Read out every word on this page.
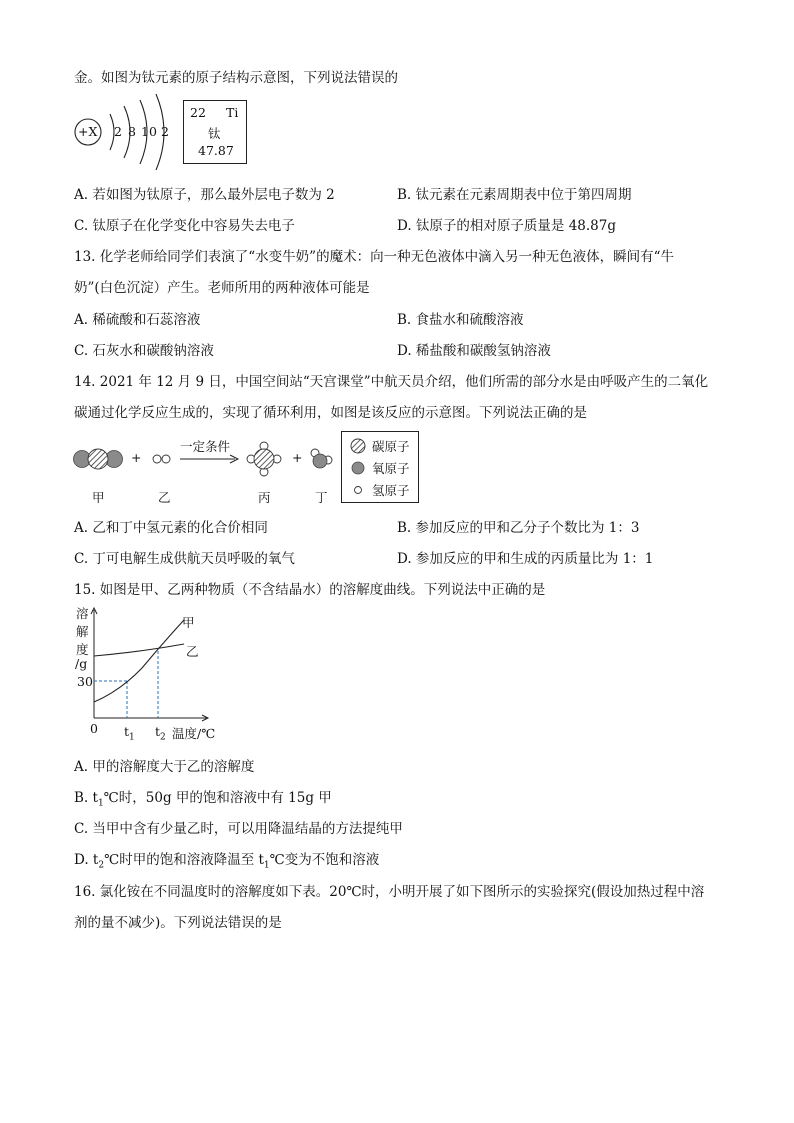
金。如图为钛元素的原子结构示意图，下列说法错误的
+X 2 8 10 2
22 Ti
钛
47.87
A. 若如图为钛原子，那么最外层电子数为 2	B. 钛元素在元素周期表中位于第四周期
C. 钛原子在化学变化中容易失去电子	D. 钛原子的相对原子质量是 48.87g
13. 化学老师给同学们表演了“水变牛奶”的魔术：向一种无色液体中滴入另一种无色液体，瞬间有“牛
奶”(白色沉淀）产生。老师所用的两种液体可能是
A. 稀硫酸和石蕊溶液	B. 食盐水和硫酸溶液
C. 石灰水和碳酸钠溶液	D. 稀盐酸和碳酸氢钠溶液
14. 2021 年 12 月 9 日，中国空间站“天宫课堂”中航天员介绍，他们所需的部分水是由呼吸产生的二氧化
碳通过化学反应生成的，实现了循环利用，如图是该反应的示意图。下列说法正确的是
+	+
一定条件
甲	乙	丙	丁
碳原子
氧原子
氢原子
A. 乙和丁中氢元素的化合价相同	B. 参加反应的甲和乙分子个数比为 1：3
C. 丁可电解生成供航天员呼吸的氧气	D. 参加反应的甲和生成的丙质量比为 1：1
15. 如图是甲、乙两种物质（不含结晶水）的溶解度曲线。下列说法中正确的是
溶
解
度
/g
30
0 $t_1$ $t_2$ 温度/℃
甲
乙
A. 甲的溶解度大于乙的溶解度
B. $t_1℃$时，50g 甲的饱和溶液中有 15g 甲
C. 当甲中含有少量乙时，可以用降温结晶的方法提纯甲
D. $t_2℃$时甲的饱和溶液降温至 $t_1℃$变为不饱和溶液
16. 氯化铵在不同温度时的溶解度如下表。20℃时，小明开展了如下图所示的实验探究(假设加热过程中溶
剂的量不减少)。下列说法错误的是
